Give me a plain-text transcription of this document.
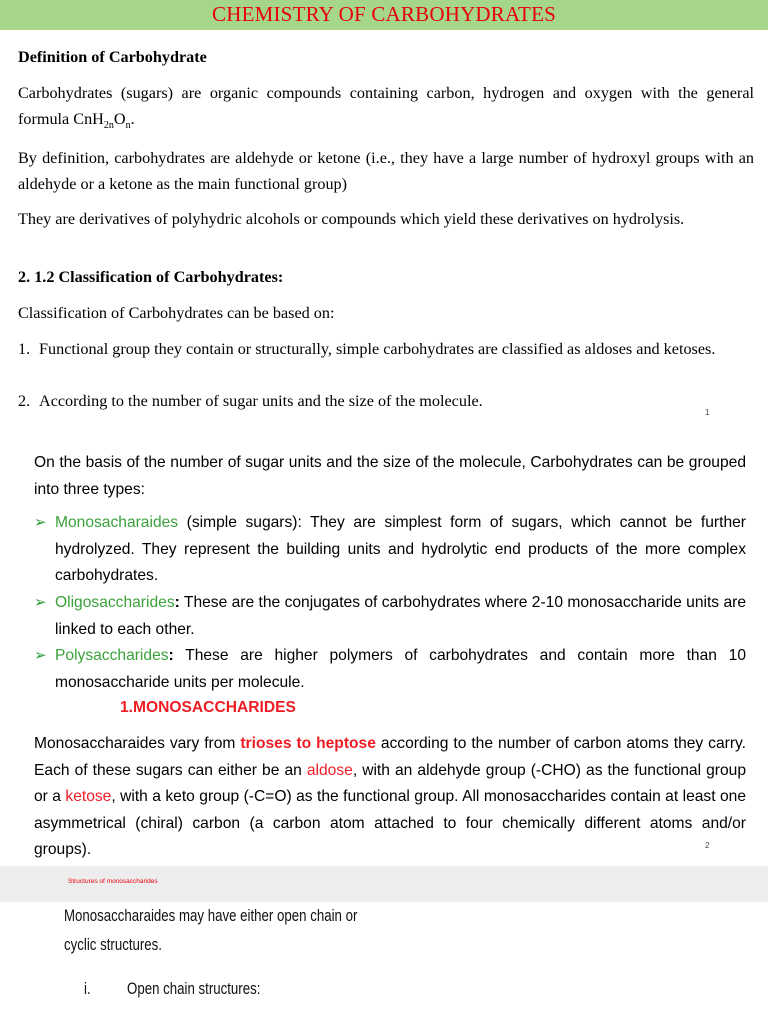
CHEMISTRY OF CARBOHYDRATES
Definition of Carbohydrate
Carbohydrates (sugars) are organic compounds containing carbon, hydrogen and oxygen with the general formula $CnH_{2n}O_n$.
By definition, carbohydrates are aldehyde or ketone (i.e., they have a large number of hydroxyl groups with an aldehyde or a ketone as the main functional group)
They are derivatives of polyhydric alcohols or compounds which yield these derivatives on hydrolysis.
2. 1.2 Classification of Carbohydrates:
Classification of Carbohydrates can be based on:
1. Functional group they contain or structurally, simple carbohydrates are classified as aldoses and ketoses.
2. According to the number of sugar units and the size of the molecule.
1
On the basis of the number of sugar units and the size of the molecule, Carbohydrates can be grouped into three types:
➢ Monosacharaides (simple sugars): They are simplest form of sugars, which cannot be further hydrolyzed. They represent the building units and hydrolytic end products of the more complex carbohydrates.
➢ Oligosaccharides: These are the conjugates of carbohydrates where 2-10 monosaccharide units are linked to each other.
➢ Polysaccharides: These are higher polymers of carbohydrates and contain more than 10 monosaccharide units per molecule.
1.MONOSACCHARIDES
Monosaccharaides vary from trioses to heptose according to the number of carbon atoms they carry. Each of these sugars can either be an aldose, with an aldehyde group (-CHO) as the functional group or a ketose, with a keto group (-C=O) as the functional group. All monosaccharides contain at least one asymmetrical (chiral) carbon (a carbon atom attached to four chemically different atoms and/or groups).	2
Structures of monosaccharides
Monosaccharaides may have either open chain or
cyclic structures.
i. Open chain structures:
